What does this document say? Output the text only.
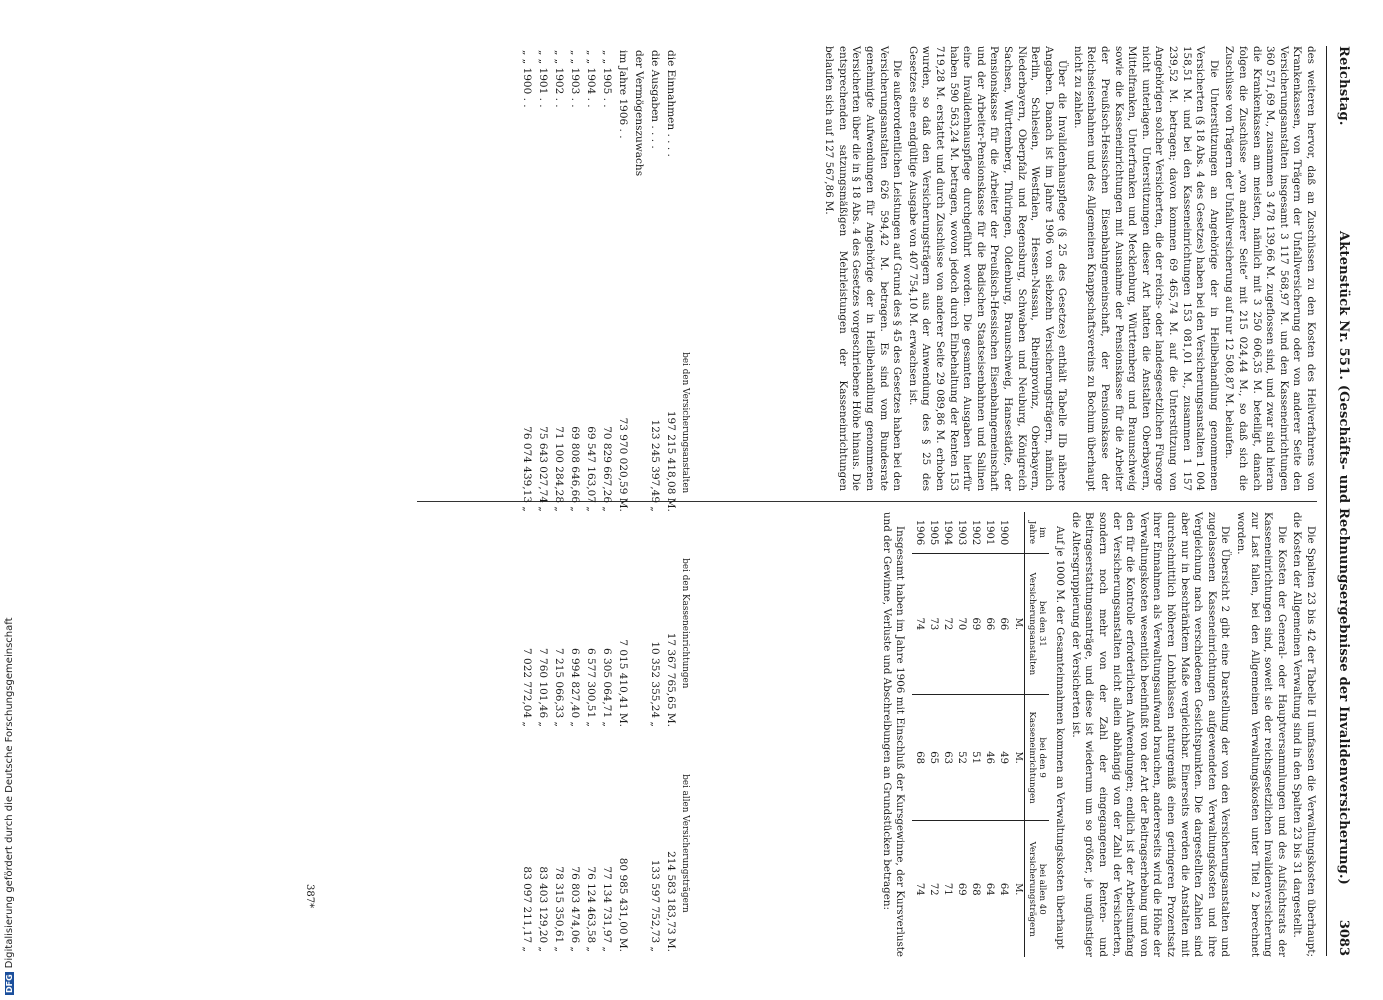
Reichstag.
Aktenstück Nr. 551. (Geschäfts- und Rechnungsergebnisse der Invalidenversicherung.)
3083

des weiteren hervor, daß an Zuschüssen zu den Kosten des Heilverfahrens von Krankenkassen, von Trägern der Unfallversicherung oder von anderer Seite den Versicherungsanstalten insgesamt 3 117 568,97 M. und den Kasseneinrichtungen 360 571,69 M., zusammen 3 478 139,66 M. zugeflossen sind, und zwar sind hieran die Krankenkassen am meisten, nämlich mit 3 250 606,35 M. beteiligt, danach folgen die Zuschüsse „von anderer Seite“ mit 215 024,44 M., so daß sich die Zuschüsse von Trägern der Unfallversicherung auf nur 12 508,87 M. belaufen.

Die Unterstützungen an Angehörige der in Heilbehandlung genommenen Versicherten (§ 18 Abs. 4 des Gesetzes) haben bei den Versicherungsanstalten 1 004 158,51 M. und bei den Kasseneinrichtungen 153 081,01 M., zusammen 1 157 239,52 M. betragen; davon kommen 69 465,74 M. auf die Unterstützung von Angehörigen solcher Versicherten, die der reichs- oder landesgesetzlichen Fürsorge nicht unterlagen. Unterstützungen dieser Art hatten die Anstalten Oberbayern, Mittelfranken, Unterfranken und Mecklenburg, Württemberg und Braunschweig sowie die Kasseneinrichtungen mit Ausnahme der Pensionskasse für die Arbeiter der Preußisch-Hessischen Eisenbahngemeinschaft, der Pensionskasse der Reichseisenbahnen und des Allgemeinen Knappschaftsvereins zu Bochum überhaupt nicht zu zahlen.

Über die Invalidenhauspflege (§ 25 des Gesetzes) enthält Tabelle IIb nähere Angaben. Danach ist im Jahre 1906 von siebzehn Versicherungsträgern, nämlich Berlin, Schlesien, Westfalen, Hessen-Nassau, Rheinprovinz, Oberbayern, Niederbayern, Oberpfalz und Regensburg, Schwaben und Neuburg, Königreich Sachsen, Württemberg, Thüringen, Oldenburg, Braunschweig, Hansestädte, der Pensionskasse für die Arbeiter der Preußisch-Hessischen Eisenbahngemeinschaft und der Arbeiter-Pensionskasse für die Badischen Staatseisenbahnen und Salinen eine Invalidenhauspflege durchgeführt worden. Die gesamten Ausgaben hierfür haben 590 563,24 M. betragen, wovon jedoch durch Einbehaltung der Renten 153 719,28 M. erstattet und durch Zuschüsse von anderer Seite 29 089,86 M. erhoben wurden, so daß den Versicherungsträgern aus der Anwendung des § 25 des Gesetzes eine endgültige Ausgabe von 407 754,10 M. erwachsen ist.

Die außerordentlichen Leistungen auf Grund des § 45 des Gesetzes haben bei den Versicherungsanstalten 626 594,42 M. betragen. Es sind vom Bundesrate genehmigte Aufwendungen für Angehörige der in Heilbehandlung genommenen Versicherten über die in § 18 Abs. 4 des Gesetzes vorgeschriebene Höhe hinaus. Die entsprechenden satzungsmäßigen Mehrleistungen der Kasseneinrichtungen belaufen sich auf 127 567,86 M.

Die Spalten 23 bis 42 der Tabelle II umfassen die Verwaltungskosten überhaupt; die Kosten der Allgemeinen Verwaltung sind in den Spalten 23 bis 31 dargestellt.

Die Kosten der General- oder Hauptversammlungen und des Aufsichtsrats der Kasseneinrichtungen sind, soweit sie der reichsgesetzlichen Invalidenversicherung zur Last fallen, bei den Allgemeinen Verwaltungskosten unter Titel 2 berechnet worden.

Die Übersicht 2 gibt eine Darstellung der von den Versicherungsanstalten und zugelassenen Kasseneinrichtungen aufgewendeten Verwaltungskosten und ihre Vergleichung nach verschiedenen Gesichtspunkten. Die dargestellten Zahlen sind aber nur in beschränktem Maße vergleichbar. Einerseits werden die Anstalten mit durchschnittlich höheren Lohnklassen naturgemäß einen geringeren Prozentsatz ihrer Einnahmen als Verwaltungsaufwand brauchen, andererseits wird die Höhe der Verwaltungskosten wesentlich beeinflußt von der Art der Beitragserhebung und von den für die Kontrolle erforderlichen Aufwendungen; endlich ist der Arbeitsumfang der Versicherungsanstalten nicht allein abhängig von der Zahl der Versicherten, sondern noch mehr von der Zahl der eingegangenen Renten- und Beitragserstattungsanträge, und diese ist wiederum um so größer, je ungünstiger die Altersgruppierung der Versicherten ist.

Auf je 1000 M. der Gesamteinnahmen kommen an Verwaltungskosten überhaupt

im Jahre	bei den 31 Versicherungsanstalten	bei den 9 Kasseneinrichtungen	bei allen 40 Versicherungsträgern
	M.	M.	M.
1900	66	49	64
1901	66	46	64
1902	69	51	68
1903	70	52	69
1904	72	63	71
1905	73	65	72
1906	74	68	74

Insgesamt haben im Jahre 1906 mit Einschluß der Kursgewinne, der Kursverluste und der Gewinne, Verluste und Abschreibungen an Grundstücken betragen:

	bei den Versicherungsanstalten	bei den Kasseneinrichtungen	bei allen Versicherungsträgern
die Einnahmen . . . .	197 215 418,08 M.	17 367 765,65 M.	214 583 183,73 M.
die Ausgaben . . . .	123 245 397,49 „	10 352 355,24 „	133 597 752,73 „
der Vermögenszuwachs			
im Jahre 1906 . .	73 970 020,59 M.	7 015 410,41 M.	80 985 431,00 M.
„ „ 1905 . .	70 829 667,26 „	6 305 064,71 „	77 134 731,97 „
„ „ 1904 . .	69 547 163,07 „	6 577 300,51 „	76 124 463,58 „
„ „ 1903 . .	69 808 646,66 „	6 994 827,40 „	76 803 474,06 „
„ „ 1902 . .	71 100 284,28 „	7 215 066,33 „	78 315 350,61 „
„ „ 1901 . .	75 643 027,74 „	7 760 101,46 „	83 403 129,20 „
„ „ 1900 . .	76 074 439,13 „	7 022 772,04 „	83 097 211,17 „
387*
DFGDigitalisierung gefördert durch die Deutsche Forschungsgemeinschaft
